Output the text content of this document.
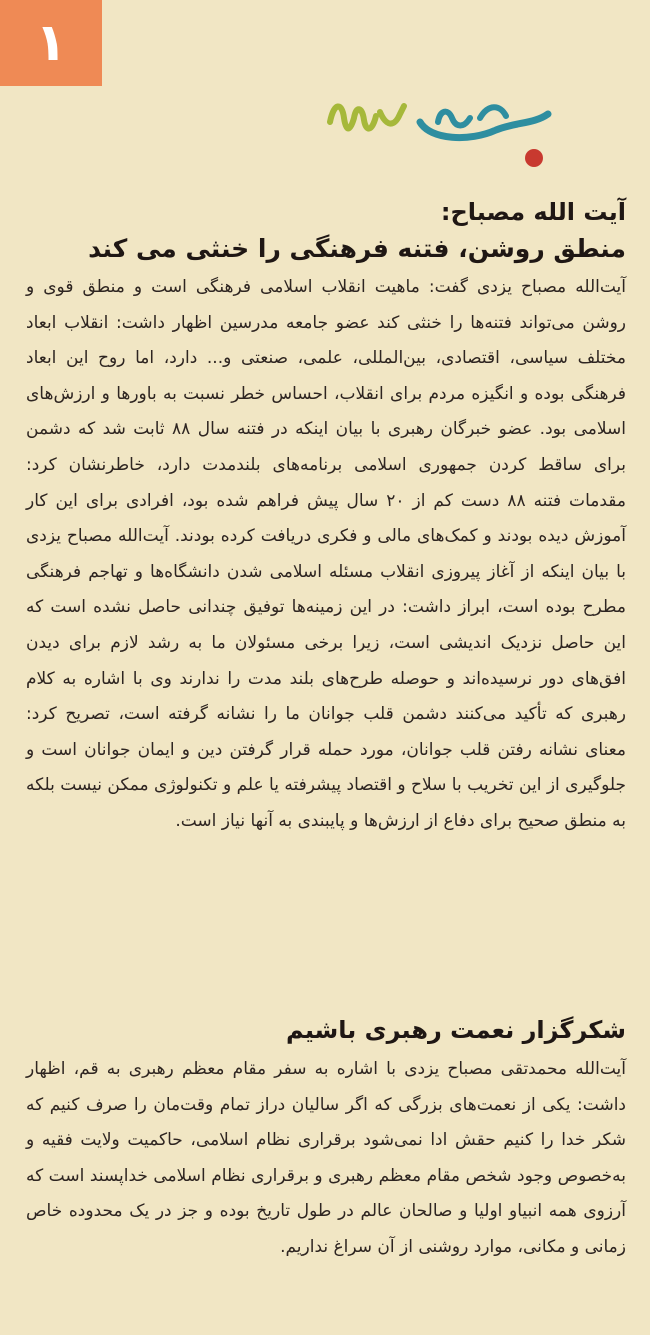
۱
آیت الله مصباح:
منطق روشن، فتنه فرهنگی را خنثی می کند

آیت‌الله مصباح یزدی گفت: ماهیت انقلاب اسلامی فرهنگی است و منطق قوی و روشن می‌تواند فتنه‌ها را خنثی کند عضو جامعه مدرسین اظهار داشت: انقلاب ابعاد مختلف سیاسی، اقتصادی، بین‌المللی، علمی، صنعتی و... دارد، اما روح این ابعاد فرهنگی بوده و انگیزه مردم برای انقلاب، احساس خطر نسبت به باورها و ارزش‌های اسلامی بود. عضو خبرگان رهبری با بیان اینکه در فتنه سال ۸۸ ثابت شد که دشمن برای ساقط کردن جمهوری اسلامی برنامه‌های بلندمدت دارد، خاطرنشان کرد: مقدمات فتنه ۸۸ دست کم از ۲۰ سال پیش فراهم شده بود، افرادی برای این کار آموزش دیده بودند و کمک‌های مالی و فکری دریافت کرده بودند. آیت‌الله مصباح یزدی با بیان اینکه از آغاز پیروزی انقلاب مسئله اسلامی شدن دانشگاه‌ها و تهاجم فرهنگی مطرح بوده است، ابراز داشت: در این زمینه‌ها توفیق چندانی حاصل نشده است که این حاصل نزدیک اندیشی است، زیرا برخی مسئولان ما به رشد لازم برای دیدن افق‌های دور نرسیده‌اند و حوصله طرح‌های بلند مدت را ندارند وی با اشاره به کلام رهبری که تأکید می‌کنند دشمن قلب جوانان ما را نشانه گرفته است، تصریح کرد: معنای نشانه رفتن قلب جوانان، مورد حمله قرار گرفتن دین و ایمان جوانان است و جلوگیری از این تخریب با سلاح و اقتصاد پیشرفته یا علم و تکنولوژی ممکن نیست بلکه به منطق صحیح برای دفاع از ارزش‌ها و پایبندی به آنها نیاز است.

شکرگزار نعمت رهبری باشیم

آیت‌الله محمدتقی مصباح یزدی با اشاره به سفر مقام معظم رهبری به قم، اظهار داشت: یکی از نعمت‌های بزرگی که اگر سالیان دراز تمام وقت‌مان را صرف کنیم که شکر خدا را کنیم حقش ادا نمی‌شود برقراری نظام اسلامی، حاکمیت ولایت فقیه و به‌خصوص وجود شخص مقام معظم رهبری و برقراری نظام اسلامی خداپسند است که آرزوی همه انبیاو اولیا و صالحان عالم در طول تاریخ بوده و جز در یک محدوده خاص زمانی و مکانی، موارد روشنی از آن سراغ نداریم.
